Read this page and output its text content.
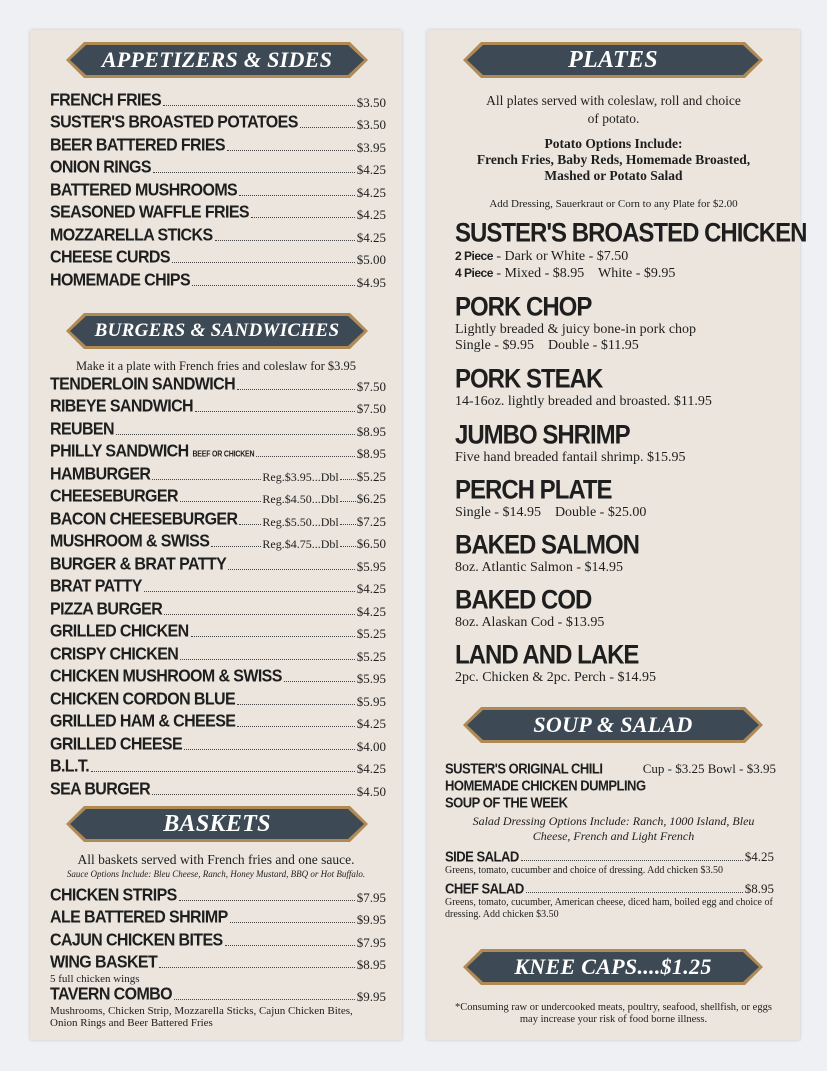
APPETIZERS & SIDES
FRENCH FRIES	$3.50
SUSTER'S BROASTED POTATOES	$3.50
BEER BATTERED FRIES	$3.95
ONION RINGS	$4.25
BATTERED MUSHROOMS	$4.25
SEASONED WAFFLE FRIES	$4.25
MOZZARELLA STICKS	$4.25
CHEESE CURDS	$5.00
HOMEMADE CHIPS	$4.95
BURGERS & SANDWICHES
Make it a plate with French fries and coleslaw for $3.95
TENDERLOIN SANDWICH	$7.50
RIBEYE SANDWICH	$7.50
REUBEN	$8.95
PHILLY SANDWICH BEEF OR CHICKEN	$8.95
HAMBURGER	Reg.$3.95...Dbl $5.25
CHEESEBURGER	Reg.$4.50...Dbl $6.25
BACON CHEESEBURGER Reg.$5.50...Dbl $7.25
MUSHROOM & SWISS	Reg.$4.75...Dbl $6.50
BURGER & BRAT PATTY	$5.95
BRAT PATTY	$4.25
PIZZA BURGER	$4.25
GRILLED CHICKEN	$5.25
CRISPY CHICKEN	$5.25
CHICKEN MUSHROOM & SWISS	$5.95
CHICKEN CORDON BLUE	$5.95
GRILLED HAM & CHEESE	$4.25
GRILLED CHEESE	$4.00
B.L.T.	$4.25
SEA BURGER	$4.50
BASKETS
All baskets served with French fries and one sauce.
Sauce Options Include: Bleu Cheese, Ranch, Honey Mustard, BBQ or Hot Buffalo.
CHICKEN STRIPS	$7.95
ALE BATTERED SHRIMP	$9.95
CAJUN CHICKEN BITES	$7.95
WING BASKET	$8.95
5 full chicken wings
TAVERN COMBO	$9.95
Mushrooms, Chicken Strip, Mozzarella Sticks, Cajun Chicken Bites, Onion Rings and Beer Battered Fries
PLATES
All plates served with coleslaw, roll and choice of potato.
Potato Options Include:
French Fries, Baby Reds, Homemade Broasted, Mashed or Potato Salad
Add Dressing, Sauerkraut or Corn to any Plate for $2.00
SUSTER'S BROASTED CHICKEN
2 Piece - Dark or White - $7.50
4 Piece - Mixed - $8.95    White - $9.95
PORK CHOP
Lightly breaded & juicy bone-in pork chop
Single - $9.95    Double - $11.95
PORK STEAK
14-16oz. lightly breaded and broasted. $11.95
JUMBO SHRIMP
Five hand breaded fantail shrimp. $15.95
PERCH PLATE
Single - $14.95    Double - $25.00
BAKED SALMON
8oz. Atlantic Salmon - $14.95
BAKED COD
8oz. Alaskan Cod - $13.95
LAND AND LAKE
2pc. Chicken & 2pc. Perch - $14.95
SOUP & SALAD
SUSTER'S ORIGINAL CHILI	Cup - $3.25 Bowl - $3.95
HOMEMADE CHICKEN DUMPLING
SOUP OF THE WEEK
Salad Dressing Options Include: Ranch, 1000 Island, Bleu Cheese, French and Light French
SIDE SALAD	$4.25
Greens, tomato, cucumber and choice of dressing. Add chicken $3.50
CHEF SALAD	$8.95
Greens, tomato, cucumber, American cheese, diced ham, boiled egg and choice of dressing. Add chicken $3.50
KNEE CAPS....$1.25
*Consuming raw or undercooked meats, poultry, seafood, shellfish, or eggs may increase your risk of food borne illness.
